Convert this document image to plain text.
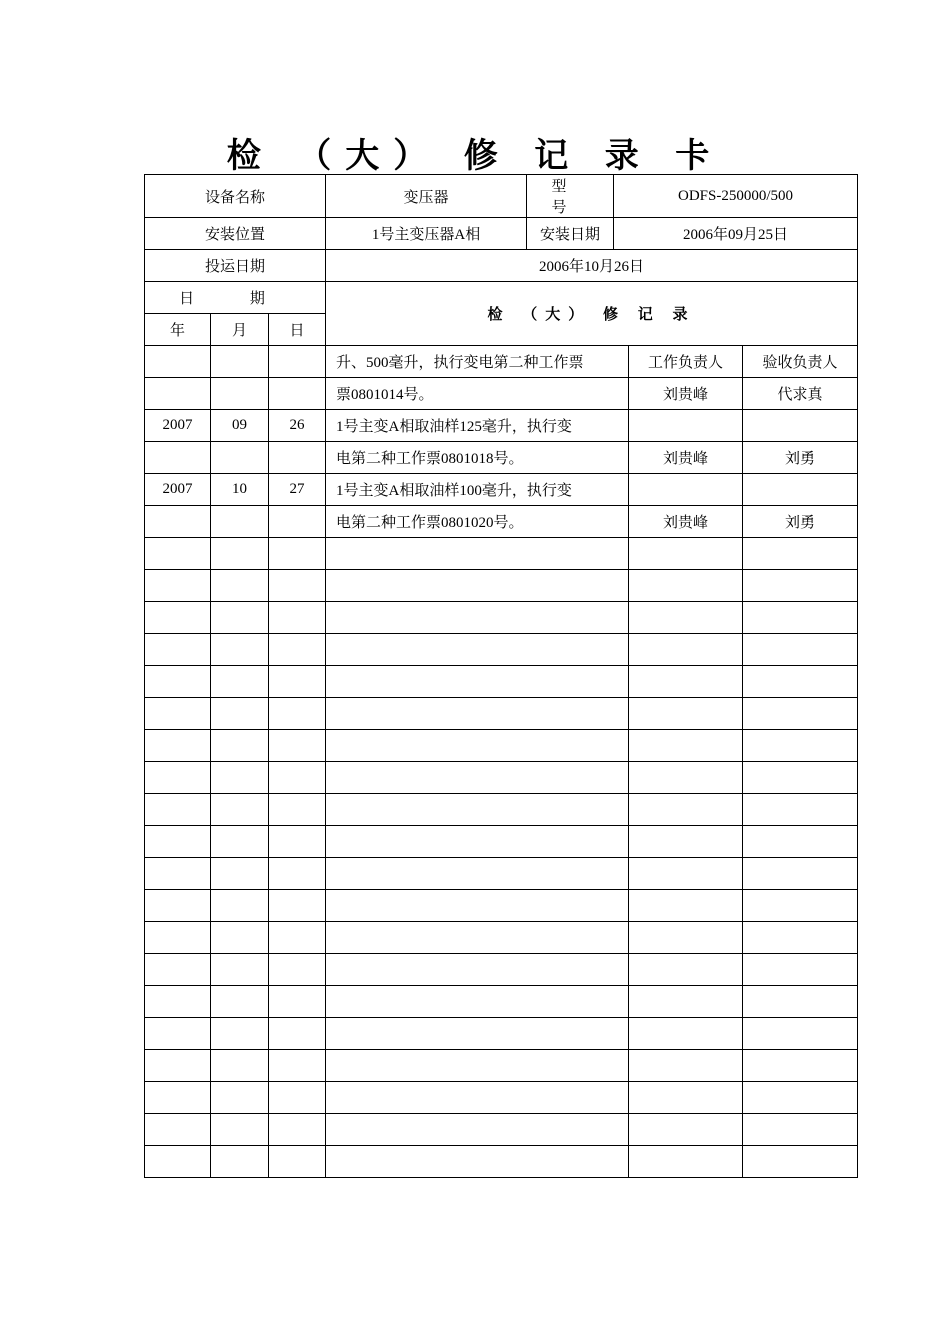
检 （大） 修 记 录 卡
设备名称			变压器	型 号	ODFS-250000/500		
安装位置			1号主变压器A相	安装日期	2006年09月25日		
投运日期			2006年10月26日				
日 期			检 （大） 修 记 录				
年	月	日					
			升、500毫升，执行变电第二种工作票			工作负责人	验收负责人
			票0801014号。			刘贵峰	代求真
2007	09	26	1号主变A相取油样125毫升，执行变				
			电第二种工作票0801018号。			刘贵峰	刘勇
2007	10	27	1号主变A相取油样100毫升，执行变				
			电第二种工作票0801020号。			刘贵峰	刘勇
